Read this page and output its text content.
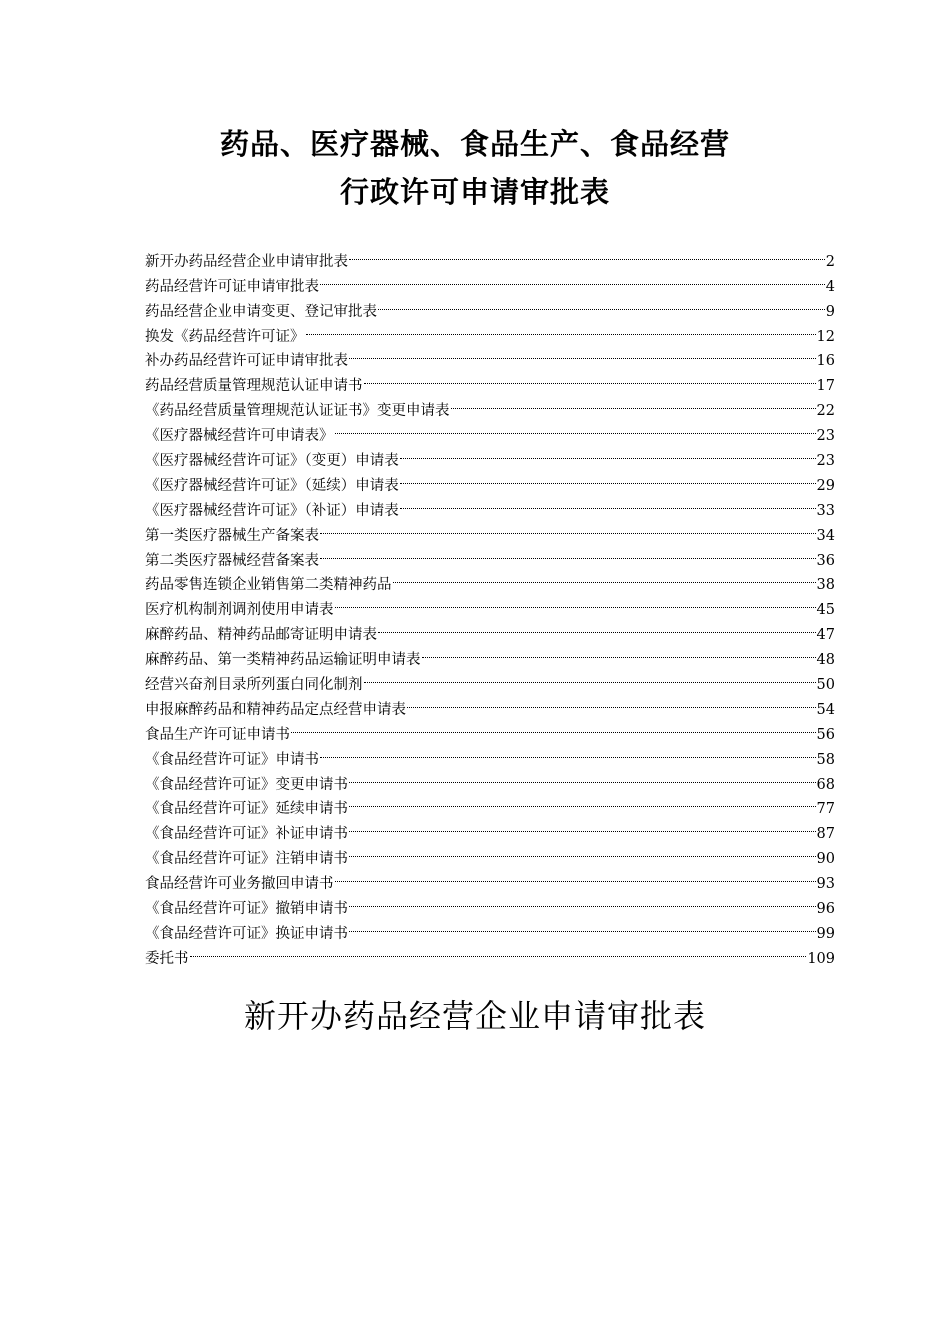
药品、医疗器械、食品生产、食品经营
行政许可申请审批表
新开办药品经营企业申请审批表	2
药品经营许可证申请审批表	4
药品经营企业申请变更、登记审批表	9
换发《药品经营许可证》	12
补办药品经营许可证申请审批表	16
药品经营质量管理规范认证申请书	17
《药品经营质量管理规范认证证书》变更申请表	22
《医疗器械经营许可申请表》	23
《医疗器械经营许可证》（变更）申请表	23
《医疗器械经营许可证》（延续）申请表	29
《医疗器械经营许可证》（补证）申请表	33
第一类医疗器械生产备案表	34
第二类医疗器械经营备案表	36
药品零售连锁企业销售第二类精神药品	38
医疗机构制剂调剂使用申请表	45
麻醉药品、精神药品邮寄证明申请表	47
麻醉药品、第一类精神药品运输证明申请表	48
经营兴奋剂目录所列蛋白同化制剂	50
申报麻醉药品和精神药品定点经营申请表	54
食品生产许可证申请书	56
《食品经营许可证》申请书	58
《食品经营许可证》变更申请书	68
《食品经营许可证》延续申请书	77
《食品经营许可证》补证申请书	87
《食品经营许可证》注销申请书	90
食品经营许可业务撤回申请书	93
《食品经营许可证》撤销申请书	96
《食品经营许可证》换证申请书	99
委托书	109
新开办药品经营企业申请审批表
